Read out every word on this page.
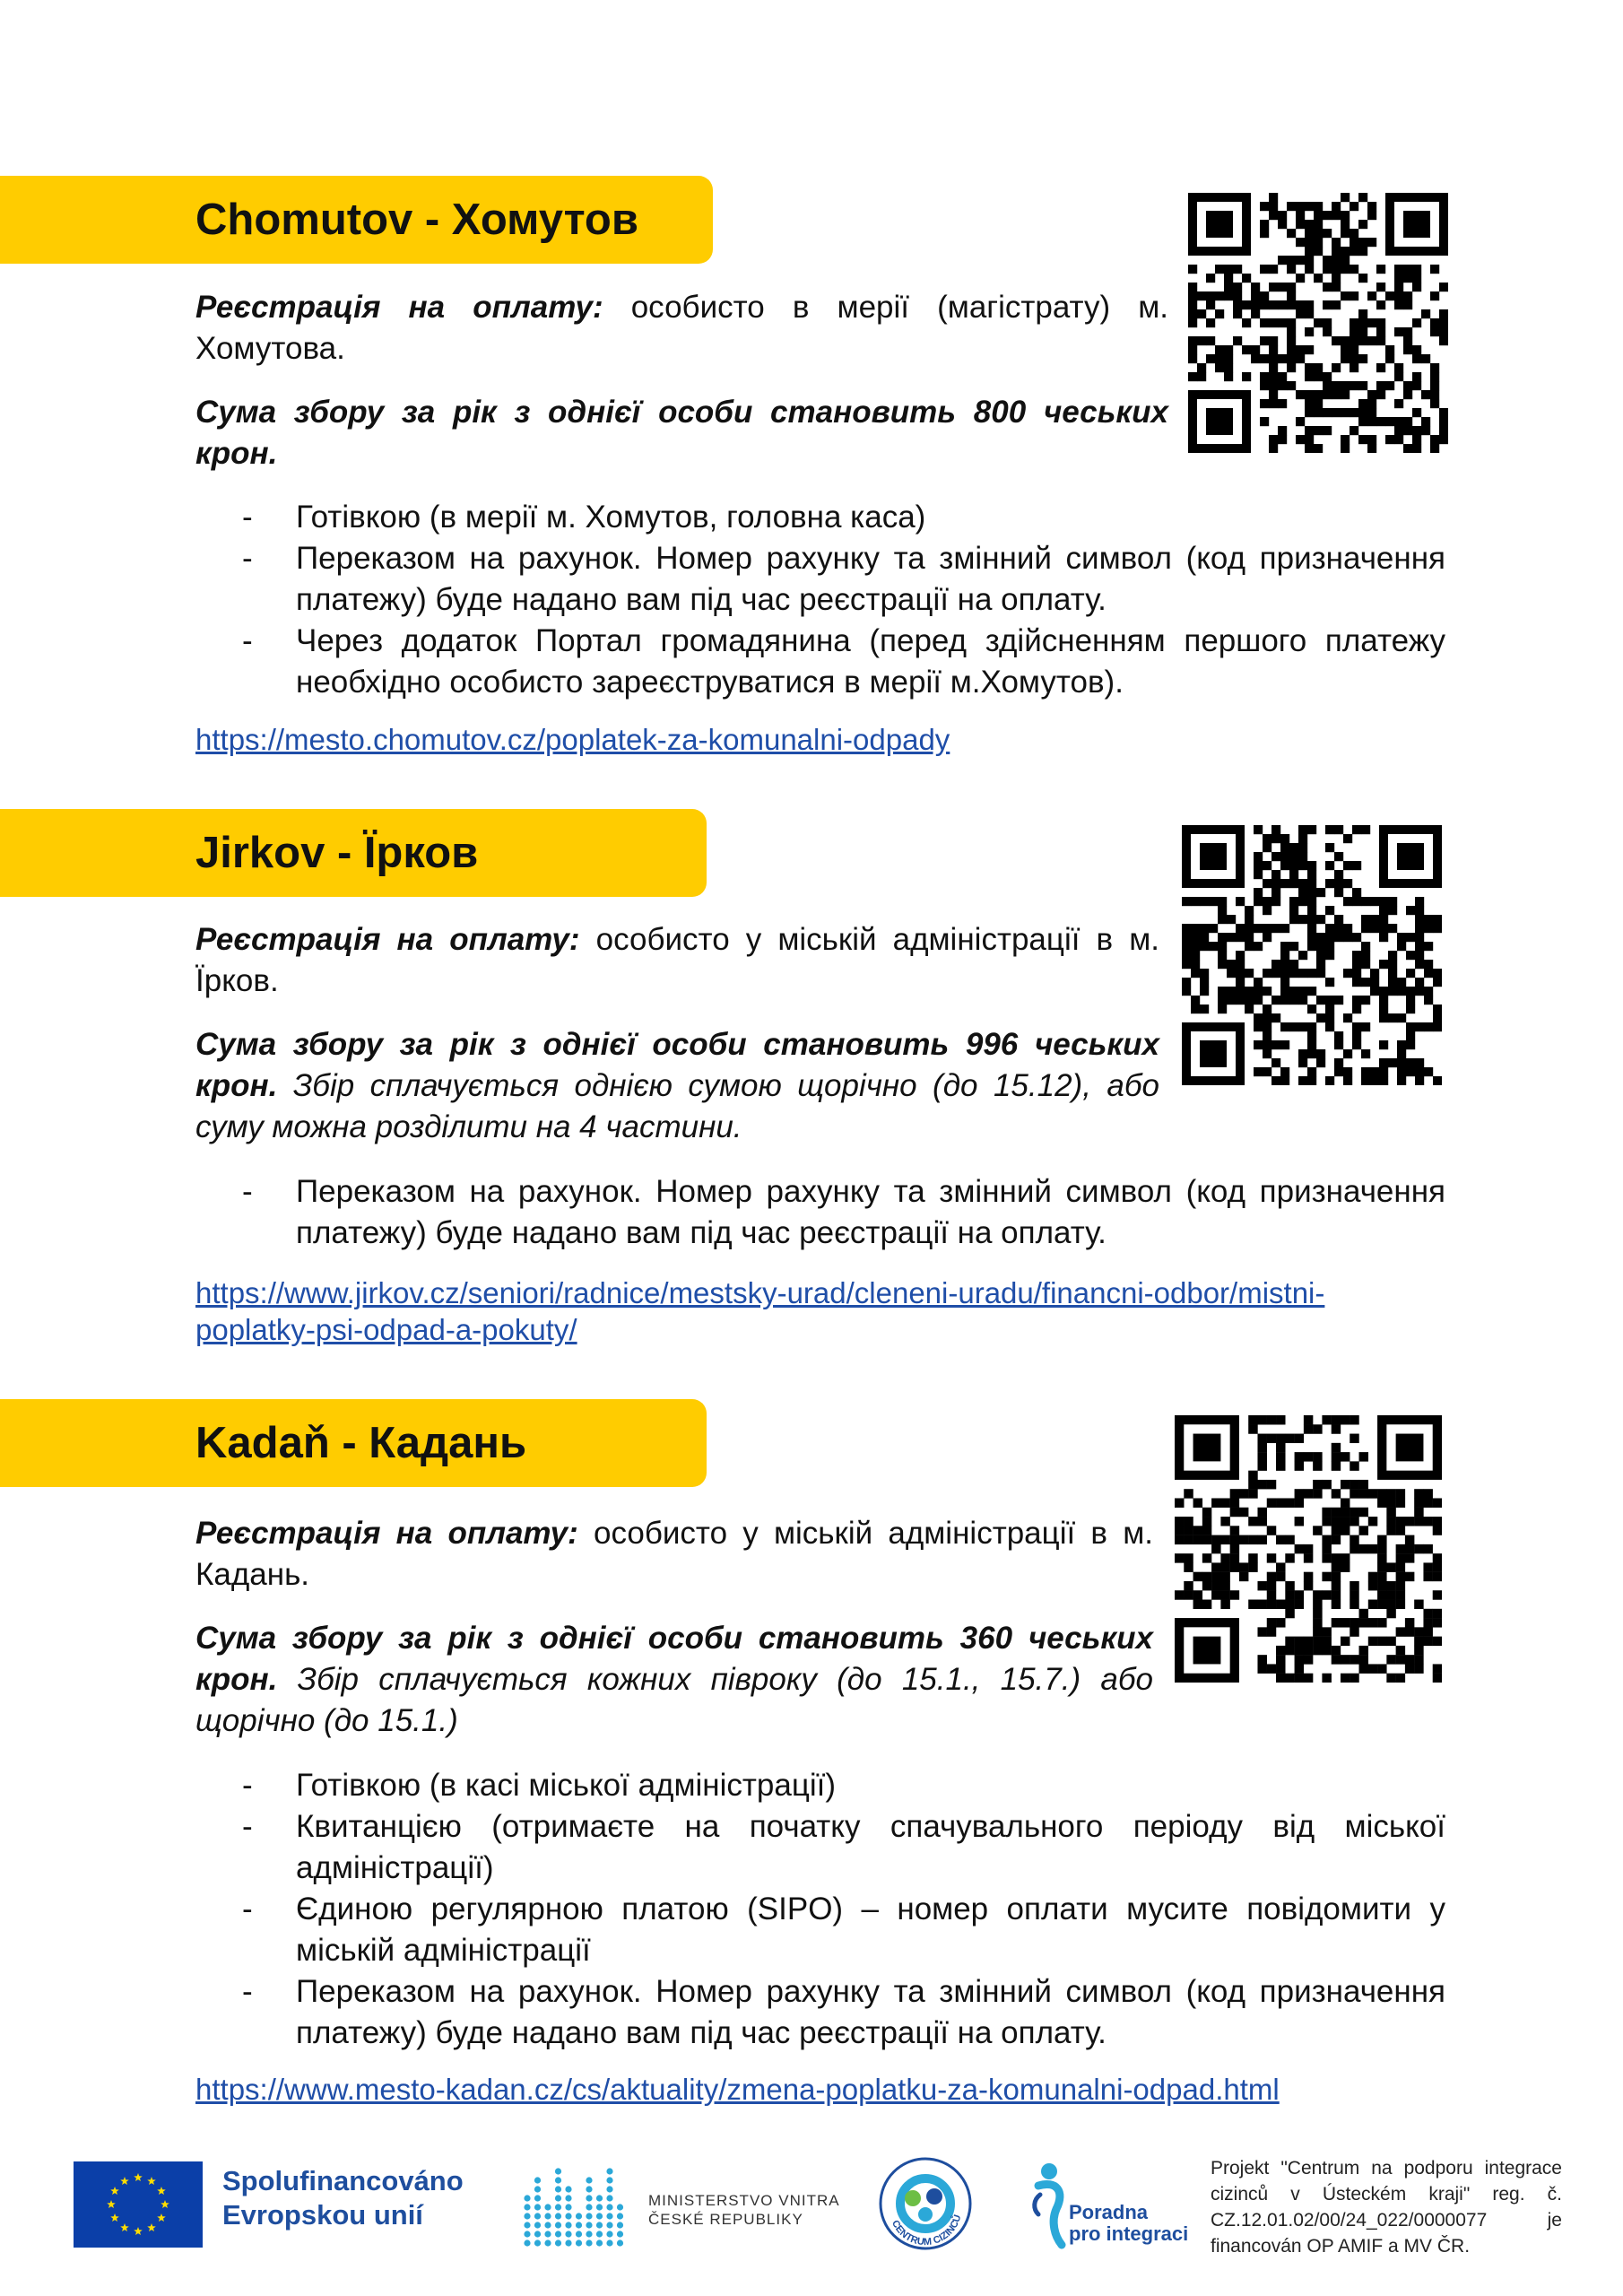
Chomutov - Хомутов

Реєстрація на оплату: особисто в мерії (магістрату) м. Хомутова.

Сума збору за рік з однієї особи становить 800 чеських крон.

- Готівкою (в мерії м. Хомутов, головна каса)
- Переказом на рахунок. Номер рахунку та змінний символ (код призначення платежу) буде надано вам під час реєстрації на оплату.
- Через додаток Портал громадянина (перед здійсненням першого платежу необхідно особисто зареєструватися в мерії м.Хомутов).
https://mesto.chomutov.cz/poplatek-za-komunalni-odpady
Jirkov - Їрков

Реєстрація на оплату: особисто у міській адміністрації в м. Їрков.

Сума збору за рік з однієї особи становить 996 чеських крон. Збір сплачується однією сумою щорічно (до 15.12), або суму можна розділити на 4 частини.

- Переказом на рахунок. Номер рахунку та змінний символ (код призначення платежу) буде надано вам під час реєстрації на оплату.
https://www.jirkov.cz/seniori/radnice/mestsky-urad/cleneni-uradu/financni-odbor/mistni-
poplatky-psi-odpad-a-pokuty/
Kadaň - Кадань

Реєстрація на оплату: особисто у міській адміністрації в м. Кадань.

Сума збору за рік з однієї особи становить 360 чеських крон. Збір сплачується кожних півроку (до 15.1., 15.7.) або щорічно (до 15.1.)

- Готівкою (в касі міської адміністрації)
- Квитанцією (отримаєте на початку спачувального періоду від міської адміністрації)
- Єдиною регулярною платою (SIPO) – номер оплати мусите повідомити у міській адміністрації
- Переказом на рахунок. Номер рахунку та змінний символ (код призначення платежу) буде надано вам під час реєстрації на оплату.
https://www.mesto-kadan.cz/cs/aktuality/zmena-poplatku-za-komunalni-odpad.html
Spolufinancováno
Evropskou unií	MINISTERSTVO VNITRA
ČESKÉ REPUBLIKY	CENTRUM CIZINCŮ	Poradna
pro integraci
Projekt "Centrum na podporu integrace cizinců v Ústeckém kraji" reg. č. CZ.12.01.02/00/24_022/0000077 je financován OP AMIF a MV ČR.
